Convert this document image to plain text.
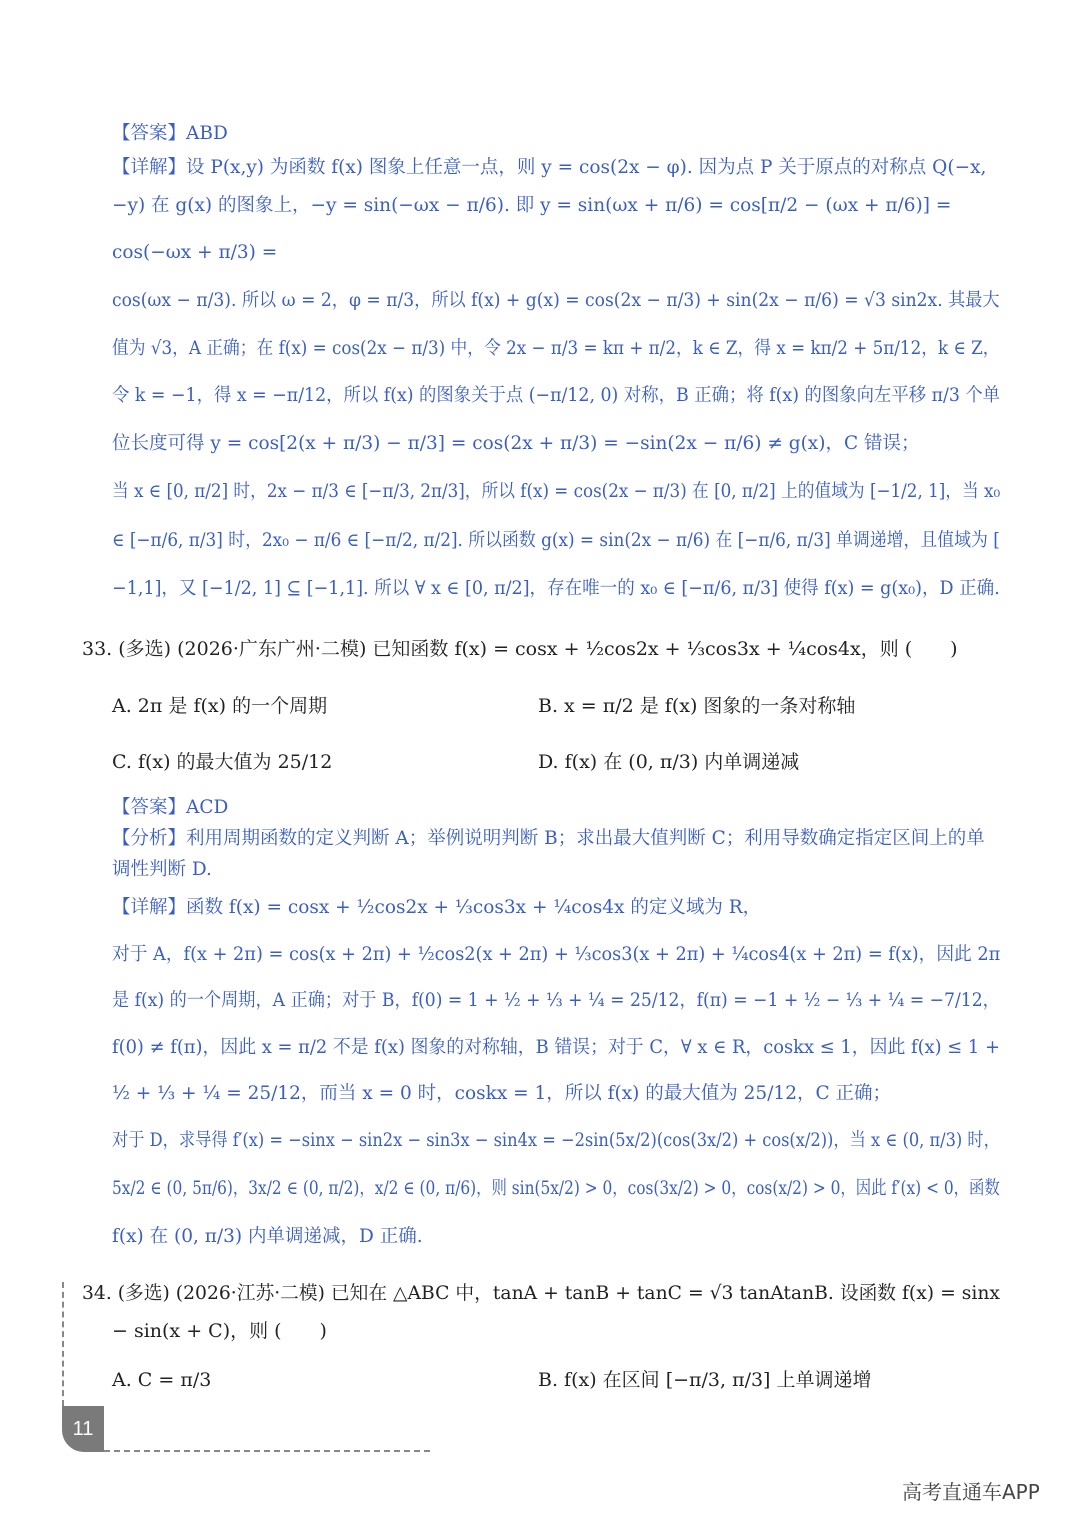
【答案】ABD
【详解】设 P(x,y) 为函数 f(x) 图象上任意一点，则 y = cos(2x − φ). 因为点 P 关于原点的对称点 Q(−x,
−y) 在 g(x) 的图象上，−y = sin(−ωx − π/6). 即 y = sin(ωx + π/6) = cos[π/2 − (ωx + π/6)] =
cos(−ωx + π/3) =
cos(ωx − π/3). 所以 ω = 2，φ = π/3，所以 f(x) + g(x) = cos(2x − π/3) + sin(2x − π/6) = √3 sin2x. 其最大
值为 √3，A 正确；在 f(x) = cos(2x − π/3) 中，令 2x − π/3 = kπ + π/2，k ∈ Z，得 x = kπ/2 + 5π/12，k ∈ Z，
令 k = −1，得 x = −π/12，所以 f(x) 的图象关于点 (−π/12, 0) 对称，B 正确；将 f(x) 的图象向左平移 π/3 个单
位长度可得 y = cos[2(x + π/3) − π/3] = cos(2x + π/3) = −sin(2x − π/6) ≠ g(x)，C 错误；
当 x ∈ [0, π/2] 时，2x − π/3 ∈ [−π/3, 2π/3]，所以 f(x) = cos(2x − π/3) 在 [0, π/2] 上的值域为 [−1/2, 1]，当 x₀
∈ [−π/6, π/3] 时，2x₀ − π/6 ∈ [−π/2, π/2]. 所以函数 g(x) = sin(2x − π/6) 在 [−π/6, π/3] 单调递增，且值域为 [
−1,1]，又 [−1/2, 1] ⊆ [−1,1]. 所以 ∀ x ∈ [0, π/2]，存在唯一的 x₀ ∈ [−π/6, π/3] 使得 f(x) = g(x₀)，D 正确.
33. (多选) (2026·广东广州·二模) 已知函数 f(x) = cosx + ½cos2x + ⅓cos3x + ¼cos4x，则 (　　)
A. 2π 是 f(x) 的一个周期	B. x = π/2 是 f(x) 图象的一条对称轴
C. f(x) 的最大值为 25/12	D. f(x) 在 (0, π/3) 内单调递减
【答案】ACD
【分析】利用周期函数的定义判断 A；举例说明判断 B；求出最大值判断 C；利用导数确定指定区间上的单
调性判断 D.
【详解】函数 f(x) = cosx + ½cos2x + ⅓cos3x + ¼cos4x 的定义域为 R，
对于 A，f(x + 2π) = cos(x + 2π) + ½cos2(x + 2π) + ⅓cos3(x + 2π) + ¼cos4(x + 2π) = f(x)，因此 2π
是 f(x) 的一个周期，A 正确；对于 B，f(0) = 1 + ½ + ⅓ + ¼ = 25/12，f(π) = −1 + ½ − ⅓ + ¼ = −7/12，
f(0) ≠ f(π)，因此 x = π/2 不是 f(x) 图象的对称轴，B 错误；对于 C，∀ x ∈ R，coskx ≤ 1，因此 f(x) ≤ 1 +
½ + ⅓ + ¼ = 25/12，而当 x = 0 时，coskx = 1，所以 f(x) 的最大值为 25/12，C 正确；
对于 D，求导得 f′(x) = −sinx − sin2x − sin3x − sin4x = −2sin(5x/2)(cos(3x/2) + cos(x/2))，当 x ∈ (0, π/3) 时，
5x/2 ∈ (0, 5π/6)，3x/2 ∈ (0, π/2)，x/2 ∈ (0, π/6)，则 sin(5x/2) > 0，cos(3x/2) > 0，cos(x/2) > 0，因此 f′(x) < 0，函数
f(x) 在 (0, π/3) 内单调递减，D 正确.
34. (多选) (2026·江苏·二模) 已知在 △ABC 中，tanA + tanB + tanC = √3 tanAtanB. 设函数 f(x) = sinx
− sin(x + C)，则 (　　)
A. C = π/3	B. f(x) 在区间 [−π/3, π/3] 上单调递增
11
高考直通车APP
